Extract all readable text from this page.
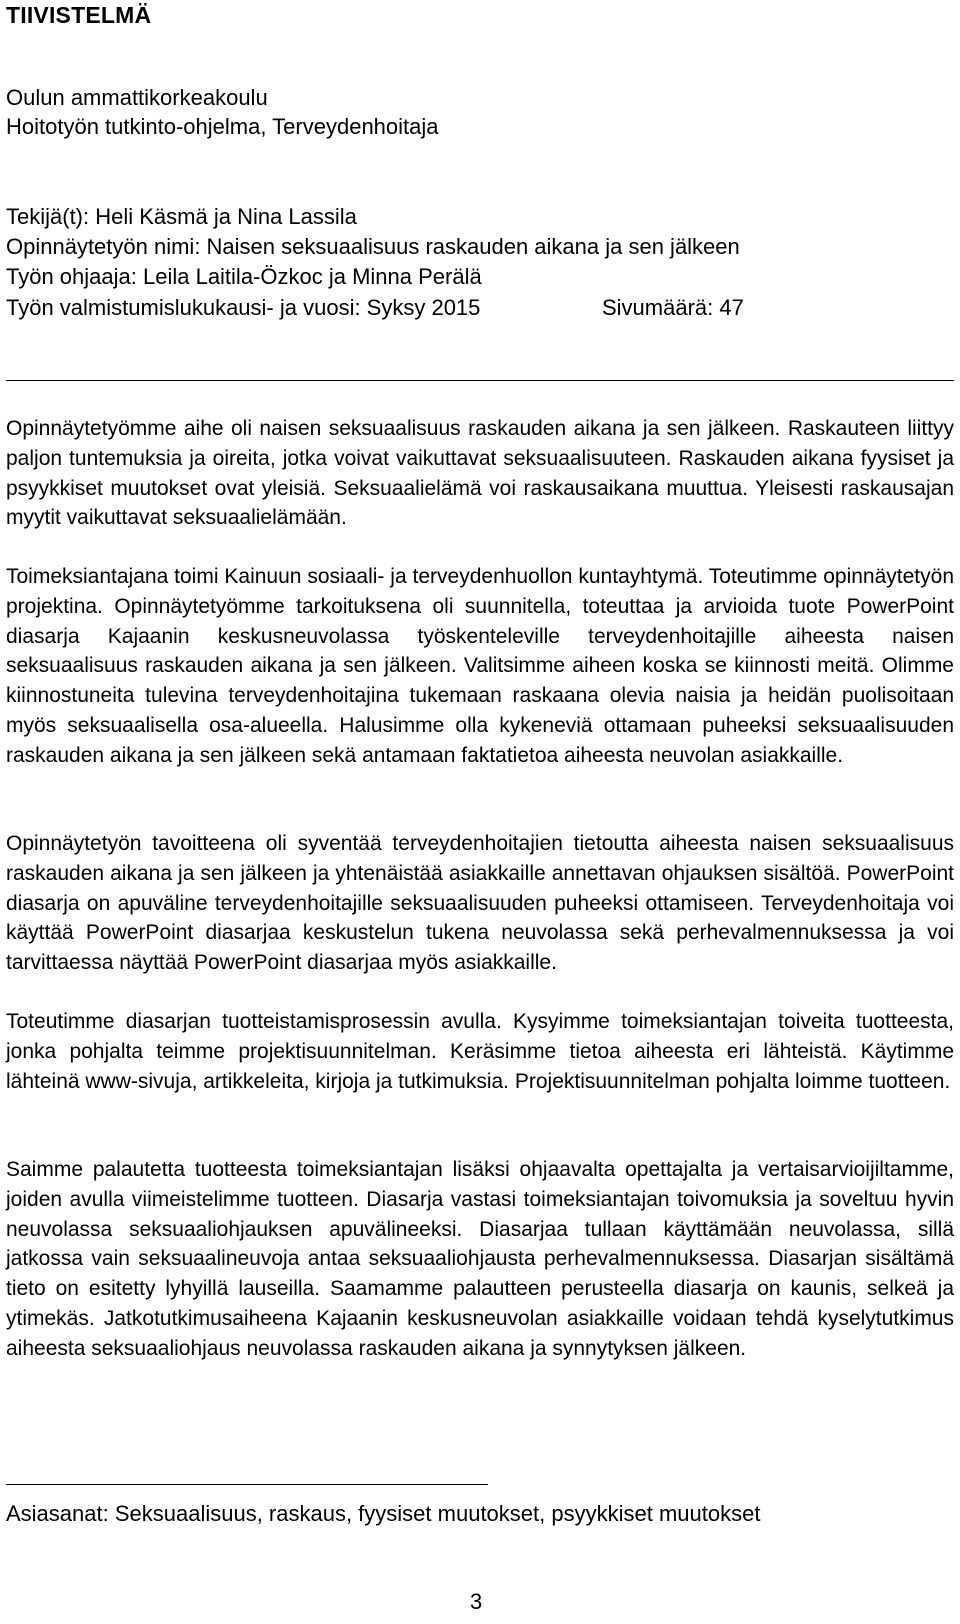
TIIVISTELMÄ

Oulun ammattikorkeakoulu

Hoitotyön tutkinto-ohjelma, Terveydenhoitaja

Tekijä(t): Heli Käsmä ja Nina Lassila

Opinnäytetyön nimi: Naisen seksuaalisuus raskauden aikana ja sen jälkeen

Työn ohjaaja: Leila Laitila-Özkoc ja Minna Perälä

Työn valmistumislukukausi- ja vuosi: Syksy 2015	Sivumäärä: 47

Opinnäytetyömme aihe oli naisen seksuaalisuus raskauden aikana ja sen jälkeen. Raskauteen liittyy paljon tuntemuksia ja oireita, jotka voivat vaikuttavat seksuaalisuuteen. Raskauden aikana fyysiset ja psyykkiset muutokset ovat yleisiä. Seksuaalielämä voi raskausaikana muuttua. Yleisesti raskausajan myytit vaikuttavat seksuaalielämään.

Toimeksiantajana toimi Kainuun sosiaali- ja terveydenhuollon kuntayhtymä. Toteutimme opinnäytetyön projektina. Opinnäytetyömme tarkoituksena oli suunnitella, toteuttaa ja arvioida tuote PowerPoint diasarja Kajaanin keskusneuvolassa työskenteleville terveydenhoitajille aiheesta naisen seksuaalisuus raskauden aikana ja sen jälkeen. Valitsimme aiheen koska se kiinnosti meitä. Olimme kiinnostuneita tulevina terveydenhoitajina tukemaan raskaana olevia naisia ja heidän puolisoitaan myös seksuaalisella osa-alueella. Halusimme olla kykeneviä ottamaan puheeksi seksuaalisuuden raskauden aikana ja sen jälkeen sekä antamaan faktatietoa aiheesta neuvolan asiakkaille.

Opinnäytetyön tavoitteena oli syventää terveydenhoitajien tietoutta aiheesta naisen seksuaalisuus raskauden aikana ja sen jälkeen ja yhtenäistää asiakkaille annettavan ohjauksen sisältöä. PowerPoint diasarja on apuväline terveydenhoitajille seksuaalisuuden puheeksi ottamiseen. Terveydenhoitaja voi käyttää PowerPoint diasarjaa keskustelun tukena neuvolassa sekä perhevalmennuksessa ja voi tarvittaessa näyttää PowerPoint diasarjaa myös asiakkaille.

Toteutimme diasarjan tuotteistamisprosessin avulla. Kysyimme toimeksiantajan toiveita tuotteesta, jonka pohjalta teimme projektisuunnitelman. Keräsimme tietoa aiheesta eri lähteistä. Käytimme lähteinä www-sivuja, artikkeleita, kirjoja ja tutkimuksia. Projektisuunnitelman pohjalta loimme tuotteen.

Saimme palautetta tuotteesta toimeksiantajan lisäksi ohjaavalta opettajalta ja vertaisarvioijiltamme, joiden avulla viimeistelimme tuotteen. Diasarja vastasi toimeksiantajan toivomuksia ja soveltuu hyvin neuvolassa seksuaaliohjauksen apuvälineeksi. Diasarjaa tullaan käyttämään neuvolassa, sillä jatkossa vain seksuaalineuvoja antaa seksuaaliohjausta perhevalmennuksessa. Diasarjan sisältämä tieto on esitetty lyhyillä lauseilla. Saamamme palautteen perusteella diasarja on kaunis, selkeä ja ytimekäs. Jatkotutkimusaiheena Kajaanin keskusneuvolan asiakkaille voidaan tehdä kyselytutkimus aiheesta seksuaaliohjaus neuvolassa raskauden aikana ja synnytyksen jälkeen.

Asiasanat: Seksuaalisuus, raskaus, fyysiset muutokset, psyykkiset muutokset

3
